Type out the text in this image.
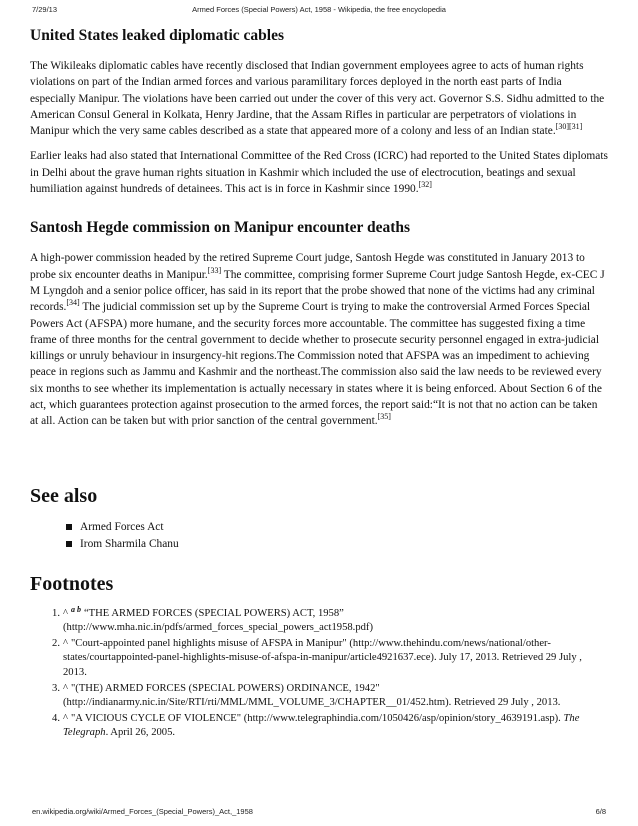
7/29/13	Armed Forces (Special Powers) Act, 1958 - Wikipedia, the free encyclopedia
United States leaked diplomatic cables

The Wikileaks diplomatic cables have recently disclosed that Indian government employees agree to acts of human rights violations on part of the Indian armed forces and various paramilitary forces deployed in the north east parts of India especially Manipur. The violations have been carried out under the cover of this very act. Governor S.S. Sidhu admitted to the American Consul General in Kolkata, Henry Jardine, that the Assam Rifles in particular are perpetrators of violations in Manipur which the very same cables described as a state that appeared more of a colony and less of an Indian state.[30][31]

Earlier leaks had also stated that International Committee of the Red Cross (ICRC) had reported to the United States diplomats in Delhi about the grave human rights situation in Kashmir which included the use of electrocution, beatings and sexual humiliation against hundreds of detainees. This act is in force in Kashmir since 1990.[32]

Santosh Hegde commission on Manipur encounter deaths

A high-power commission headed by the retired Supreme Court judge, Santosh Hegde was constituted in January 2013 to probe six encounter deaths in Manipur.[33] The committee, comprising former Supreme Court judge Santosh Hegde, ex-CEC J M Lyngdoh and a senior police officer, has said in its report that the probe showed that none of the victims had any criminal records.[34] The judicial commission set up by the Supreme Court is trying to make the controversial Armed Forces Special Powers Act (AFSPA) more humane, and the security forces more accountable. The committee has suggested fixing a time frame of three months for the central government to decide whether to prosecute security personnel engaged in extra-judicial killings or unruly behaviour in insurgency-hit regions.The Commission noted that AFSPA was an impediment to achieving peace in regions such as Jammu and Kashmir and the northeast.The commission also said the law needs to be reviewed every six months to see whether its implementation is actually necessary in states where it is being enforced. About Section 6 of the act, which guarantees protection against prosecution to the armed forces, the report said:“It is not that no action can be taken at all. Action can be taken but with prior sanction of the central government.[35]

See also
Armed Forces Act
Irom Sharmila Chanu
Footnotes
1. ^ $^{a b}$ “THE ARMED FORCES (SPECIAL POWERS) ACT, 1958” (http://www.mha.nic.in/pdfs/armed_forces_special_powers_act1958.pdf)
2. ^ "Court-appointed panel highlights misuse of AFSPA in Manipur" (http://www.thehindu.com/news/national/other-states/courtappointed-panel-highlights-misuse-of-afspa-in-manipur/article4921637.ece). July 17, 2013. Retrieved 29 July , 2013.
3. ^ "(THE) ARMED FORCES (SPECIAL POWERS) ORDINANCE, 1942" (http://indianarmy.nic.in/Site/RTI/rti/MML/MML_VOLUME_3/CHAPTER__01/452.htm). Retrieved 29 July , 2013.
4. ^ "A VICIOUS CYCLE OF VIOLENCE" (http://www.telegraphindia.com/1050426/asp/opinion/story_4639191.asp). The Telegraph. April 26, 2005.
en.wikipedia.org/wiki/Armed_Forces_(Special_Powers)_Act,_1958	6/8
